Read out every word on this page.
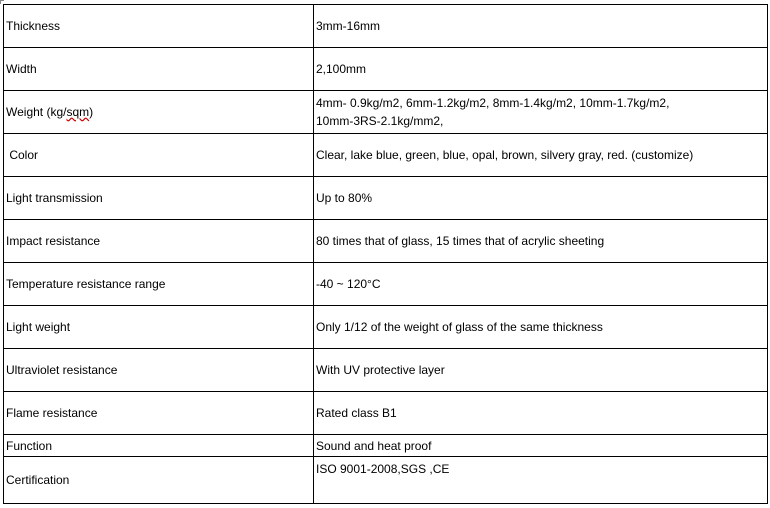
Thickness	3mm-16mm
Width	2,100mm
Weight (kg/sqm)	4mm- 0.9kg/m2, 6mm-1.2kg/m2, 8mm-1.4kg/m2, 10mm-1.7kg/m2,
10mm-3RS-2.1kg/mm2,

Color	Clear, lake blue, green, blue, opal, brown, silvery gray, red. (customize)
Light transmission	Up to 80%
Impact resistance	80 times that of glass, 15 times that of acrylic sheeting
Temperature resistance range	-40 ~ 120°C
Light weight	Only 1/12 of the weight of glass of the same thickness
Ultraviolet resistance	With UV protective layer
Flame resistance	Rated class B1
Function	Sound and heat proof
Certification	ISO 9001-2008,SGS ,CE
